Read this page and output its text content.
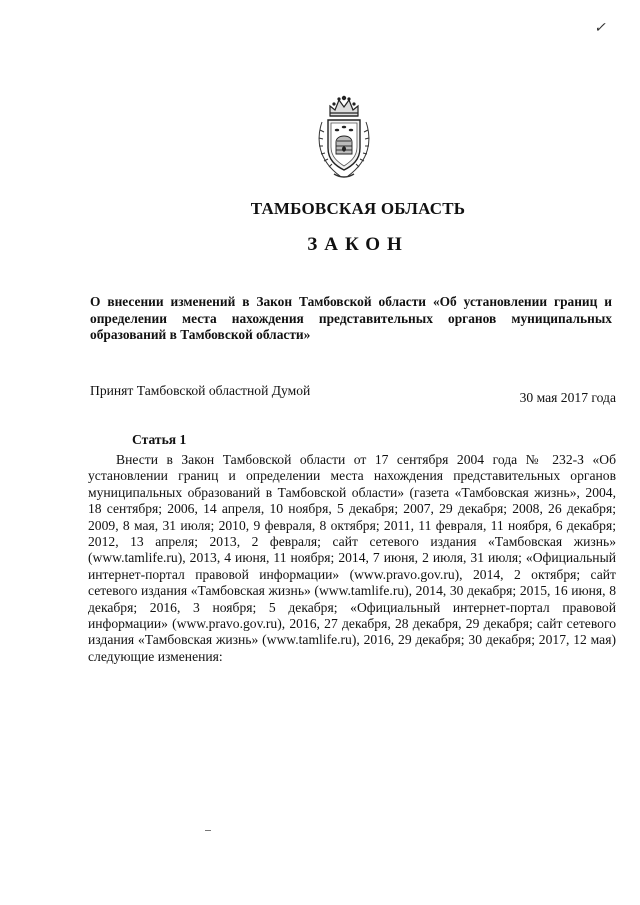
✓
ТАМБОВСКАЯ ОБЛАСТЬ
ЗАКОН
О внесении изменений в Закон Тамбовской области «Об установлении границ и определении места нахождения представительных органов муниципальных образований в Тамбовской области»
Принят Тамбовской областной Думой	30 мая 2017 года
Статья 1

Внести в Закон Тамбовской области от 17 сентября 2004 года № 232-З «Об установлении границ и определении места нахождения представительных органов муниципальных образований в Тамбовской области» (газета «Тамбовская жизнь», 2004, 18 сентября; 2006, 14 апреля, 10 ноября, 5 декабря; 2007, 29 декабря; 2008, 26 декабря; 2009, 8 мая, 31 июля; 2010, 9 февраля, 8 октября; 2011, 11 февраля, 11 ноября, 6 декабря; 2012, 13 апреля; 2013, 2 февраля; сайт сетевого издания «Тамбовская жизнь» (www.tamlife.ru), 2013, 4 июня, 11 ноября; 2014, 7 июня, 2 июля, 31 июля; «Официальный интернет-портал правовой информации» (www.pravo.gov.ru), 2014, 2 октября; сайт сетевого издания «Тамбовская жизнь» (www.tamlife.ru), 2014, 30 декабря; 2015, 16 июня, 8 декабря; 2016, 3 ноября; 5 декабря; «Официальный интернет-портал правовой информации» (www.pravo.gov.ru), 2016, 27 декабря, 28 декабря, 29 декабря; сайт сетевого издания «Тамбовская жизнь» (www.tamlife.ru), 2016, 29 декабря; 30 декабря; 2017, 12 мая) следующие изменения:
